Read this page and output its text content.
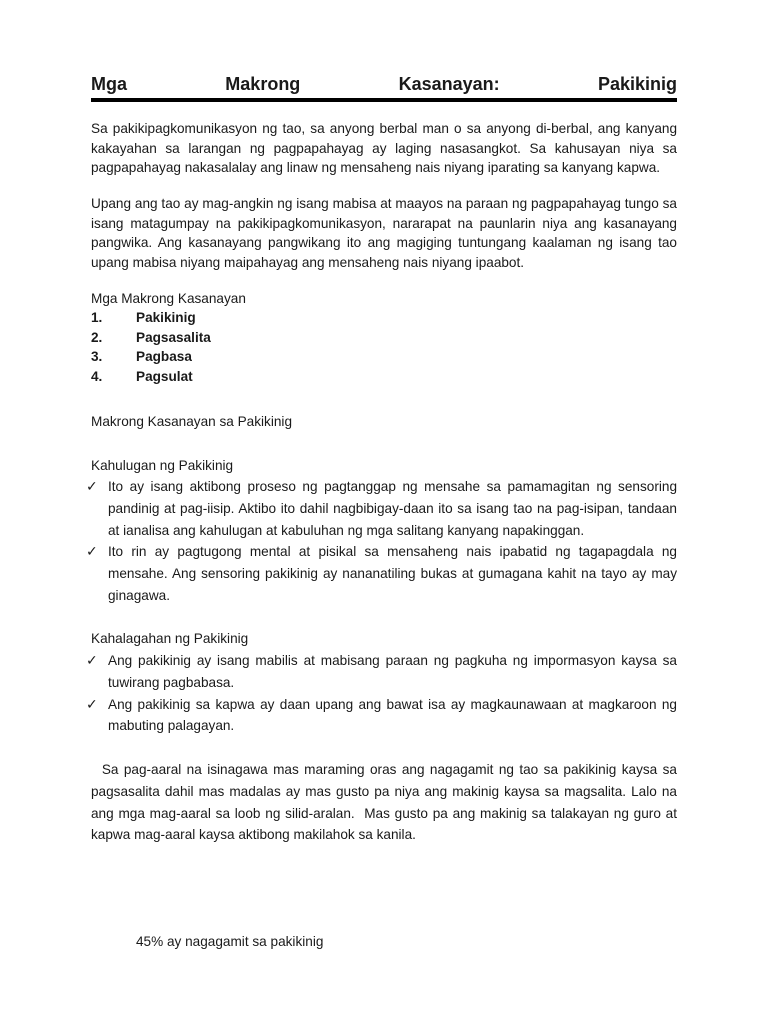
Mga	Makrong	Kasanayan:	Pakikinig

Sa pakikipagkomunikasyon ng tao, sa anyong berbal man o sa anyong di-berbal, ang kanyang kakayahan sa larangan ng pagpapahayag ay laging nasasangkot. Sa kahusayan niya sa pagpapahayag nakasalalay ang linaw ng mensaheng nais niyang iparating sa kanyang kapwa.

Upang ang tao ay mag-angkin ng isang mabisa at maayos na paraan ng pagpapahayag tungo sa isang matagumpay na pakikipagkomunikasyon, nararapat na paunlarin niya ang kasanayang pangwika. Ang kasanayang pangwikang ito ang magiging tuntungang kaalaman ng isang tao upang mabisa niyang maipahayag ang mensaheng nais niyang ipaabot.

Mga Makrong Kasanayan

1.	Pakikinig
2.	Pagsasalita
3.	Pagbasa
4.	Pagsulat

Makrong Kasanayan sa Pakikinig

Kahulugan ng Pakikinig

✓ Ito ay isang aktibong proseso ng pagtanggap ng mensahe sa pamamagitan ng sensoring pandinig at pag-iisip. Aktibo ito dahil nagbibigay-daan ito sa isang tao na pag-isipan, tandaan at ianalisa ang kahulugan at kabuluhan ng mga salitang kanyang napakinggan.
✓ Ito rin ay pagtugong mental at pisikal sa mensaheng nais ipabatid ng tagapagdala ng mensahe. Ang sensoring pakikinig ay nananatiling bukas at gumagana kahit na tayo ay may ginagawa.

Kahalagahan ng Pakikinig

✓ Ang pakikinig ay isang mabilis at mabisang paraan ng pagkuha ng impormasyon kaysa sa tuwirang pagbabasa.
✓ Ang pakikinig sa kapwa ay daan upang ang bawat isa ay magkaunawaan at magkaroon ng mabuting palagayan.

Sa pag-aaral na isinagawa mas maraming oras ang nagagamit ng tao sa pakikinig kaysa sa pagsasalita dahil mas madalas ay mas gusto pa niya ang makinig kaysa sa magsalita. Lalo na ang mga mag-aaral sa loob ng silid-aralan.  Mas gusto pa ang makinig sa talakayan ng guro at kapwa mag-aaral kaysa aktibong makilahok sa kanila.

45% ay nagagamit sa pakikinig
